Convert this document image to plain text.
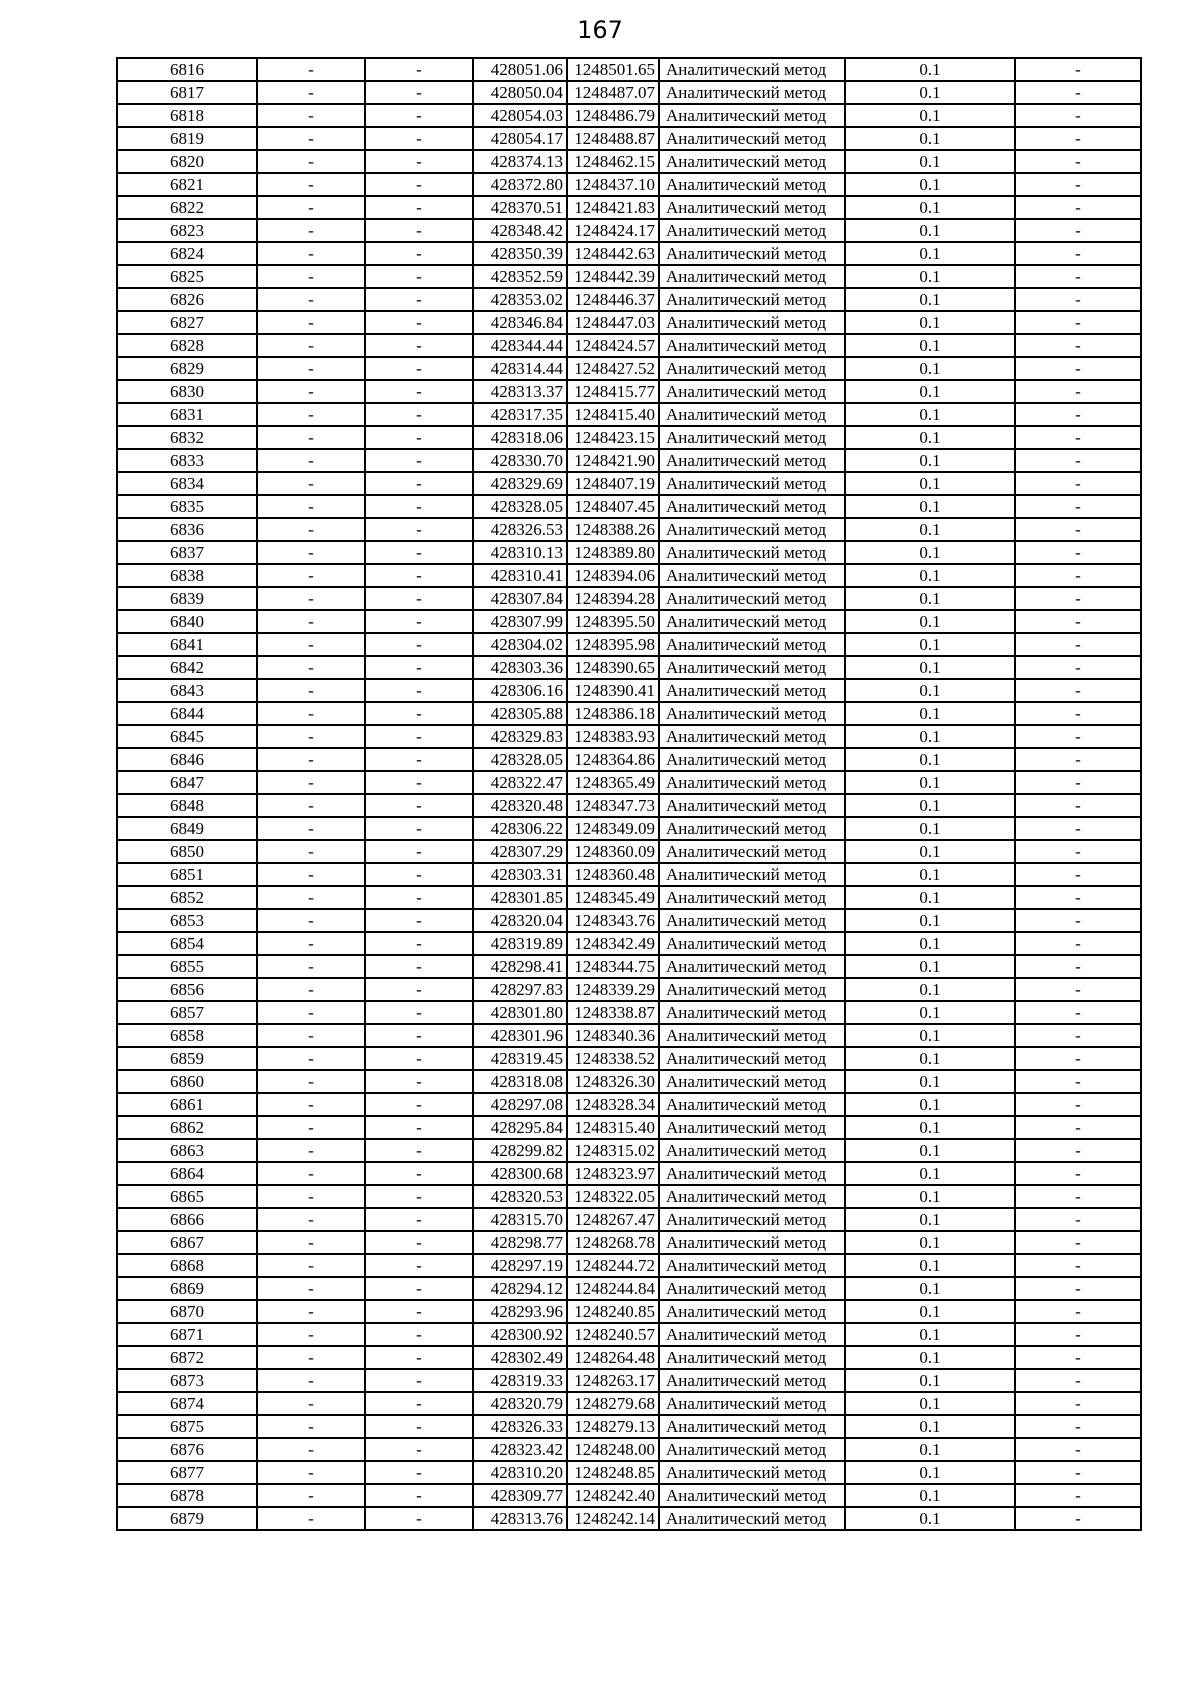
167
6816	-	-	428051.06	1248501.65	Аналитический метод	0.1	-
6817	-	-	428050.04	1248487.07	Аналитический метод	0.1	-
6818	-	-	428054.03	1248486.79	Аналитический метод	0.1	-
6819	-	-	428054.17	1248488.87	Аналитический метод	0.1	-
6820	-	-	428374.13	1248462.15	Аналитический метод	0.1	-
6821	-	-	428372.80	1248437.10	Аналитический метод	0.1	-
6822	-	-	428370.51	1248421.83	Аналитический метод	0.1	-
6823	-	-	428348.42	1248424.17	Аналитический метод	0.1	-
6824	-	-	428350.39	1248442.63	Аналитический метод	0.1	-
6825	-	-	428352.59	1248442.39	Аналитический метод	0.1	-
6826	-	-	428353.02	1248446.37	Аналитический метод	0.1	-
6827	-	-	428346.84	1248447.03	Аналитический метод	0.1	-
6828	-	-	428344.44	1248424.57	Аналитический метод	0.1	-
6829	-	-	428314.44	1248427.52	Аналитический метод	0.1	-
6830	-	-	428313.37	1248415.77	Аналитический метод	0.1	-
6831	-	-	428317.35	1248415.40	Аналитический метод	0.1	-
6832	-	-	428318.06	1248423.15	Аналитический метод	0.1	-
6833	-	-	428330.70	1248421.90	Аналитический метод	0.1	-
6834	-	-	428329.69	1248407.19	Аналитический метод	0.1	-
6835	-	-	428328.05	1248407.45	Аналитический метод	0.1	-
6836	-	-	428326.53	1248388.26	Аналитический метод	0.1	-
6837	-	-	428310.13	1248389.80	Аналитический метод	0.1	-
6838	-	-	428310.41	1248394.06	Аналитический метод	0.1	-
6839	-	-	428307.84	1248394.28	Аналитический метод	0.1	-
6840	-	-	428307.99	1248395.50	Аналитический метод	0.1	-
6841	-	-	428304.02	1248395.98	Аналитический метод	0.1	-
6842	-	-	428303.36	1248390.65	Аналитический метод	0.1	-
6843	-	-	428306.16	1248390.41	Аналитический метод	0.1	-
6844	-	-	428305.88	1248386.18	Аналитический метод	0.1	-
6845	-	-	428329.83	1248383.93	Аналитический метод	0.1	-
6846	-	-	428328.05	1248364.86	Аналитический метод	0.1	-
6847	-	-	428322.47	1248365.49	Аналитический метод	0.1	-
6848	-	-	428320.48	1248347.73	Аналитический метод	0.1	-
6849	-	-	428306.22	1248349.09	Аналитический метод	0.1	-
6850	-	-	428307.29	1248360.09	Аналитический метод	0.1	-
6851	-	-	428303.31	1248360.48	Аналитический метод	0.1	-
6852	-	-	428301.85	1248345.49	Аналитический метод	0.1	-
6853	-	-	428320.04	1248343.76	Аналитический метод	0.1	-
6854	-	-	428319.89	1248342.49	Аналитический метод	0.1	-
6855	-	-	428298.41	1248344.75	Аналитический метод	0.1	-
6856	-	-	428297.83	1248339.29	Аналитический метод	0.1	-
6857	-	-	428301.80	1248338.87	Аналитический метод	0.1	-
6858	-	-	428301.96	1248340.36	Аналитический метод	0.1	-
6859	-	-	428319.45	1248338.52	Аналитический метод	0.1	-
6860	-	-	428318.08	1248326.30	Аналитический метод	0.1	-
6861	-	-	428297.08	1248328.34	Аналитический метод	0.1	-
6862	-	-	428295.84	1248315.40	Аналитический метод	0.1	-
6863	-	-	428299.82	1248315.02	Аналитический метод	0.1	-
6864	-	-	428300.68	1248323.97	Аналитический метод	0.1	-
6865	-	-	428320.53	1248322.05	Аналитический метод	0.1	-
6866	-	-	428315.70	1248267.47	Аналитический метод	0.1	-
6867	-	-	428298.77	1248268.78	Аналитический метод	0.1	-
6868	-	-	428297.19	1248244.72	Аналитический метод	0.1	-
6869	-	-	428294.12	1248244.84	Аналитический метод	0.1	-
6870	-	-	428293.96	1248240.85	Аналитический метод	0.1	-
6871	-	-	428300.92	1248240.57	Аналитический метод	0.1	-
6872	-	-	428302.49	1248264.48	Аналитический метод	0.1	-
6873	-	-	428319.33	1248263.17	Аналитический метод	0.1	-
6874	-	-	428320.79	1248279.68	Аналитический метод	0.1	-
6875	-	-	428326.33	1248279.13	Аналитический метод	0.1	-
6876	-	-	428323.42	1248248.00	Аналитический метод	0.1	-
6877	-	-	428310.20	1248248.85	Аналитический метод	0.1	-
6878	-	-	428309.77	1248242.40	Аналитический метод	0.1	-
6879	-	-	428313.76	1248242.14	Аналитический метод	0.1	-
